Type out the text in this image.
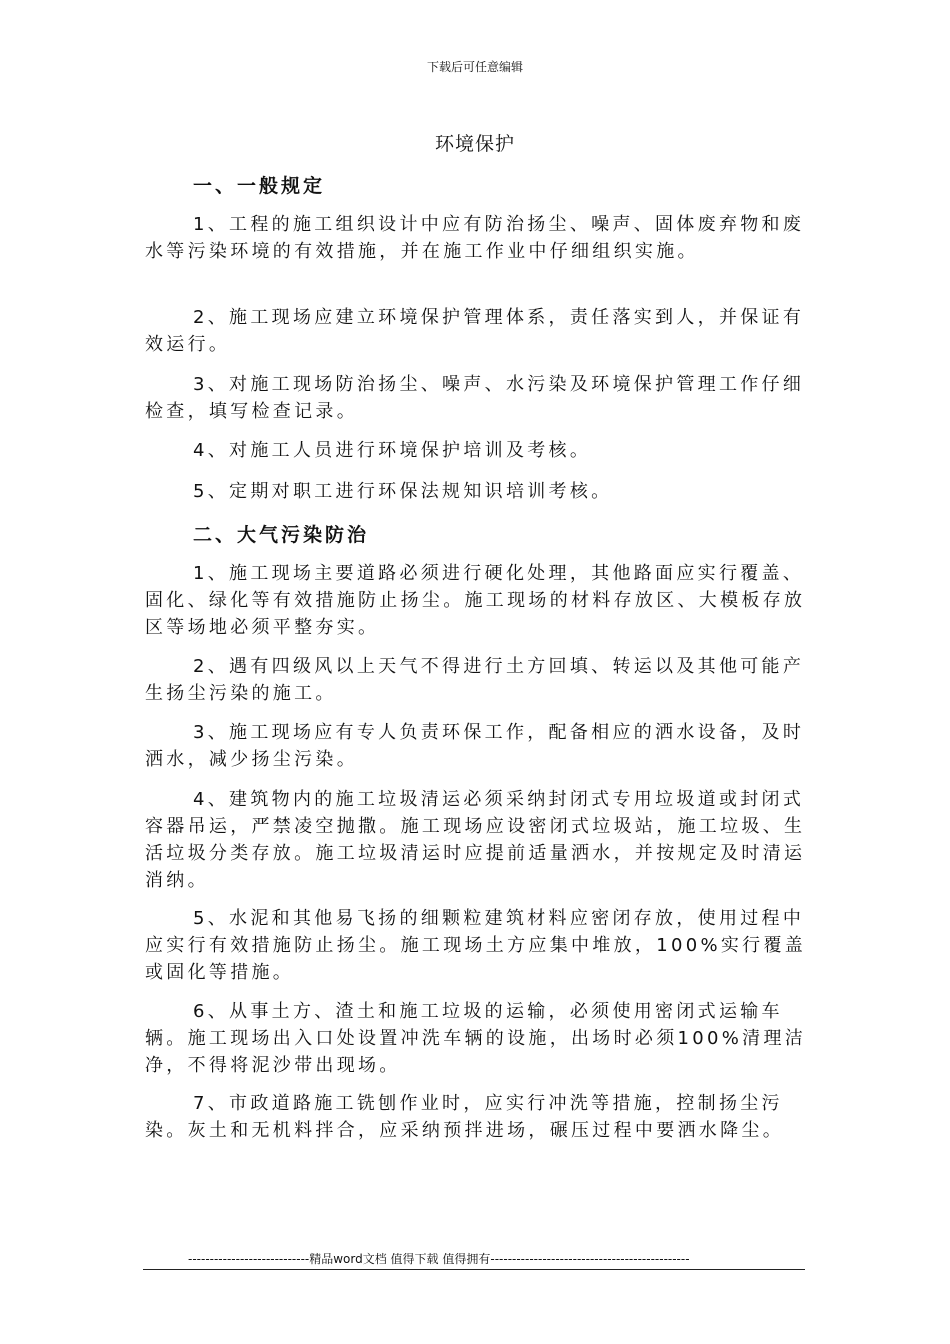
下载后可任意编辑
环境保护
一、一般规定
1、工程的施工组织设计中应有防治扬尘、噪声、固体废弃物和废水等污染环境的有效措施，并在施工作业中仔细组织实施。
2、施工现场应建立环境保护管理体系，责任落实到人，并保证有效运行。
3、对施工现场防治扬尘、噪声、水污染及环境保护管理工作仔细检查，填写检查记录。
4、对施工人员进行环境保护培训及考核。
5、定期对职工进行环保法规知识培训考核。
二、大气污染防治
1、施工现场主要道路必须进行硬化处理，其他路面应实行覆盖、固化、绿化等有效措施防止扬尘。施工现场的材料存放区、大模板存放区等场地必须平整夯实。
2、遇有四级风以上天气不得进行土方回填、转运以及其他可能产生扬尘污染的施工。
3、施工现场应有专人负责环保工作，配备相应的洒水设备，及时洒水，减少扬尘污染。
4、建筑物内的施工垃圾清运必须采纳封闭式专用垃圾道或封闭式容器吊运，严禁凌空抛撒。施工现场应设密闭式垃圾站，施工垃圾、生活垃圾分类存放。施工垃圾清运时应提前适量洒水，并按规定及时清运消纳。
5、水泥和其他易飞扬的细颗粒建筑材料应密闭存放，使用过程中应实行有效措施防止扬尘。施工现场土方应集中堆放，100%实行覆盖或固化等措施。
6、从事土方、渣土和施工垃圾的运输，必须使用密闭式运输车辆。施工现场出入口处设置冲洗车辆的设施，出场时必须100%清理洁净，不得将泥沙带出现场。
7、市政道路施工铣刨作业时，应实行冲洗等措施，控制扬尘污染。灰土和无机料拌合，应采纳预拌进场，碾压过程中要洒水降尘。
----------------------------精品word文档 值得下载 值得拥有----------------------------------------------
